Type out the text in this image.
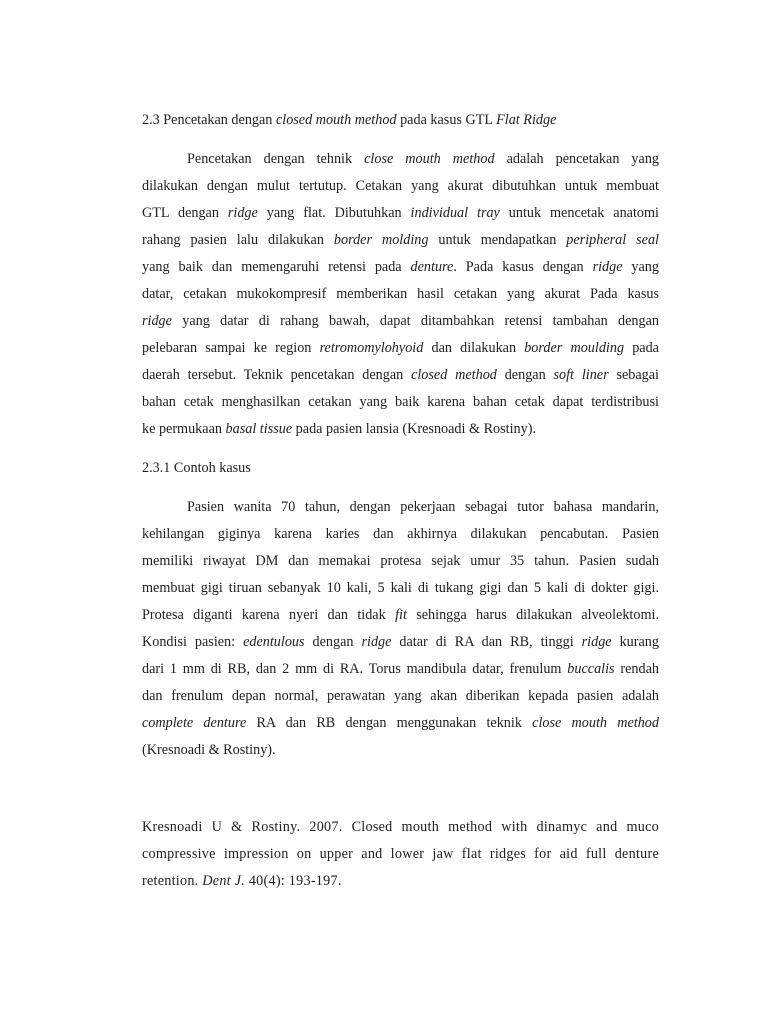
2.3 Pencetakan dengan closed mouth method pada kasus GTL Flat Ridge
Pencetakan dengan tehnik close mouth method adalah pencetakan yang
dilakukan dengan mulut tertutup. Cetakan yang akurat dibutuhkan untuk membuat
GTL dengan ridge yang flat. Dibutuhkan individual tray untuk mencetak anatomi
rahang pasien lalu dilakukan border molding untuk mendapatkan peripheral seal
yang baik dan memengaruhi retensi pada denture. Pada kasus dengan ridge yang
datar, cetakan mukokompresif memberikan hasil cetakan yang akurat Pada kasus
ridge yang datar di rahang bawah, dapat ditambahkan retensi tambahan dengan
pelebaran sampai ke region retromomylohyoid dan dilakukan border moulding pada
daerah tersebut. Teknik pencetakan dengan closed method dengan soft liner sebagai
bahan cetak menghasilkan cetakan yang baik karena bahan cetak dapat terdistribusi
ke permukaan basal tissue pada pasien lansia (Kresnoadi & Rostiny).
2.3.1 Contoh kasus
Pasien wanita 70 tahun, dengan pekerjaan sebagai tutor bahasa mandarin,
kehilangan giginya karena karies dan akhirnya dilakukan pencabutan. Pasien
memiliki riwayat DM dan memakai protesa sejak umur 35 tahun. Pasien sudah
membuat gigi tiruan sebanyak 10 kali, 5 kali di tukang gigi dan 5 kali di dokter gigi.
Protesa diganti karena nyeri dan tidak fit sehingga harus dilakukan alveolektomi.
Kondisi pasien: edentulous dengan ridge datar di RA dan RB, tinggi ridge kurang
dari 1 mm di RB, dan 2 mm di RA. Torus mandibula datar, frenulum buccalis rendah
dan frenulum depan normal, perawatan yang akan diberikan kepada pasien adalah
complete denture RA dan RB dengan menggunakan teknik close mouth method
(Kresnoadi & Rostiny).
Kresnoadi U & Rostiny. 2007. Closed mouth method with dinamyc and muco
compressive impression on upper and lower jaw flat ridges for aid full denture
retention. Dent J. 40(4): 193-197.
